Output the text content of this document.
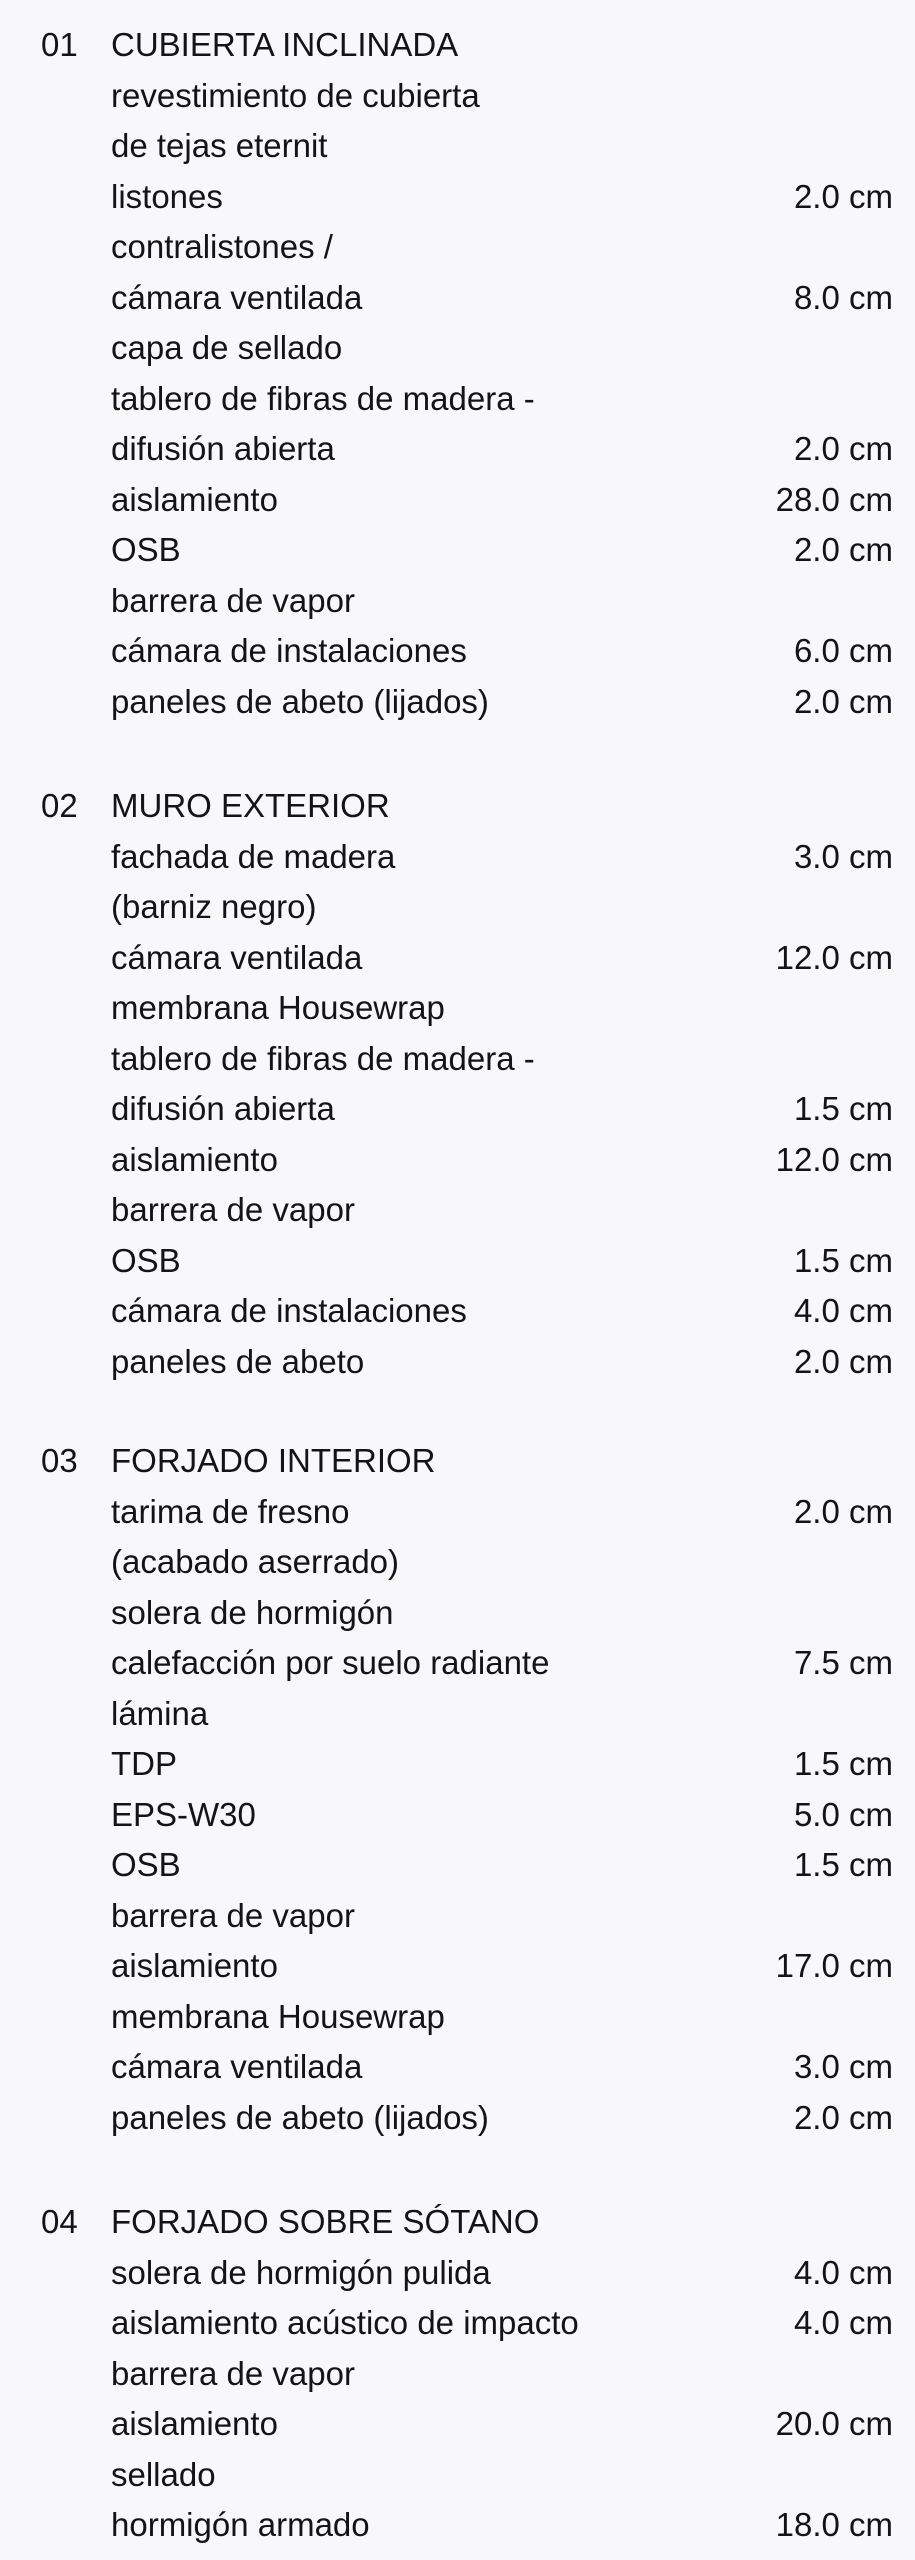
01 CUBIERTA INCLINADA
revestimiento de cubierta
de tejas eternit
listones	2.0 cm
contralistones /
cámara ventilada	8.0 cm
capa de sellado
tablero de fibras de madera -
difusión abierta	2.0 cm
aislamiento	28.0 cm
OSB	2.0 cm
barrera de vapor
cámara de instalaciones	6.0 cm
paneles de abeto (lijados)	2.0 cm
02 MURO EXTERIOR
fachada de madera	3.0 cm
(barniz negro)
cámara ventilada	12.0 cm
membrana Housewrap
tablero de fibras de madera -
difusión abierta	1.5 cm
aislamiento	12.0 cm
barrera de vapor
OSB	1.5 cm
cámara de instalaciones	4.0 cm
paneles de abeto	2.0 cm
03 FORJADO INTERIOR
tarima de fresno	2.0 cm
(acabado aserrado)
solera de hormigón
calefacción por suelo radiante	7.5 cm
lámina
TDP	1.5 cm
EPS-W30	5.0 cm
OSB	1.5 cm
barrera de vapor
aislamiento	17.0 cm
membrana Housewrap
cámara ventilada	3.0 cm
paneles de abeto (lijados)	2.0 cm
04 FORJADO SOBRE SÓTANO
solera de hormigón pulida	4.0 cm
aislamiento acústico de impacto	4.0 cm
barrera de vapor
aislamiento	20.0 cm
sellado
hormigón armado	18.0 cm
